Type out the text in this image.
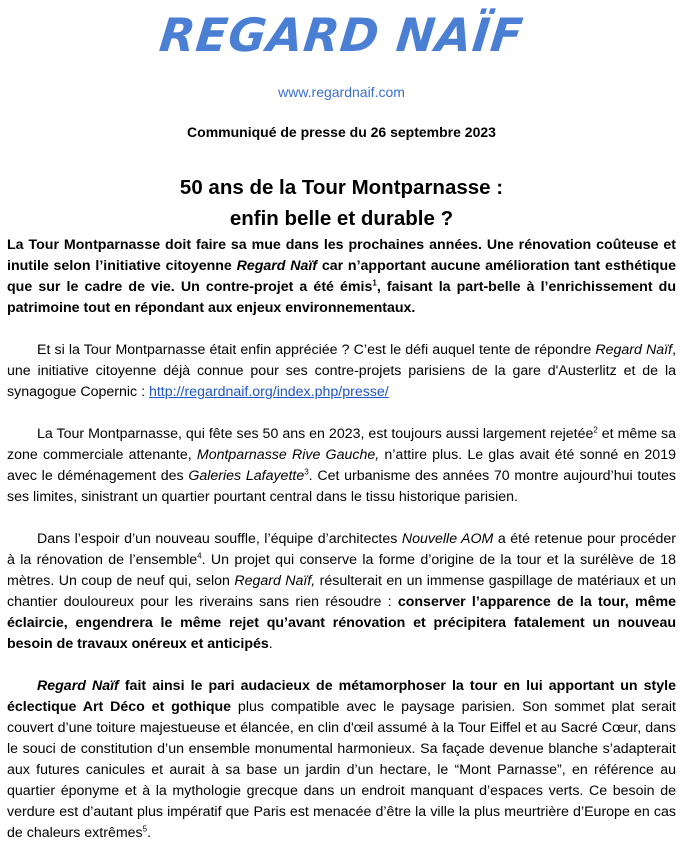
REGARD NAÏF
www.regardnaif.com
Communiqué de presse du 26 septembre 2023
50 ans de la Tour Montparnasse :
enfin belle et durable ?

La Tour Montparnasse doit faire sa mue dans les prochaines années. Une rénovation coûteuse et inutile selon l’initiative citoyenne Regard Naïf car n’apportant aucune amélioration tant esthétique que sur le cadre de vie. Un contre-projet a été émis$^1$, faisant la part-belle à l’enrichissement du patrimoine tout en répondant aux enjeux environnementaux.

Et si la Tour Montparnasse était enfin appréciée ? C’est le défi auquel tente de répondre Regard Naïf, une initiative citoyenne déjà connue pour ses contre-projets parisiens de la gare d'Austerlitz et de la synagogue Copernic : http://regardnaif.org/index.php/presse/

La Tour Montparnasse, qui fête ses 50 ans en 2023, est toujours aussi largement rejetée$^2$ et même sa zone commerciale attenante, Montparnasse Rive Gauche, n’attire plus. Le glas avait été sonné en 2019 avec le déménagement des Galeries Lafayette$^3$. Cet urbanisme des années 70 montre aujourd’hui toutes ses limites, sinistrant un quartier pourtant central dans le tissu historique parisien.

Dans l’espoir d’un nouveau souffle, l’équipe d’architectes Nouvelle AOM a été retenue pour procéder à la rénovation de l’ensemble$^4$. Un projet qui conserve la forme d’origine de la tour et la surélève de 18 mètres. Un coup de neuf qui, selon Regard Naïf, résulterait en un immense gaspillage de matériaux et un chantier douloureux pour les riverains sans rien résoudre : conserver l’apparence de la tour, même éclaircie, engendrera le même rejet qu’avant rénovation et précipitera fatalement un nouveau besoin de travaux onéreux et anticipés.

Regard Naïf fait ainsi le pari audacieux de métamorphoser la tour en lui apportant un style éclectique Art Déco et gothique plus compatible avec le paysage parisien. Son sommet plat serait couvert d’une toiture majestueuse et élancée, en clin d'œil assumé à la Tour Eiffel et au Sacré Cœur, dans le souci de constitution d’un ensemble monumental harmonieux. Sa façade devenue blanche s’adapterait aux futures canicules et aurait à sa base un jardin d’un hectare, le “Mont Parnasse”, en référence au quartier éponyme et à la mythologie grecque dans un endroit manquant d’espaces verts. Ce besoin de verdure est d’autant plus impératif que Paris est menacée d’être la ville la plus meurtrière d’Europe en cas de chaleurs extrêmes$^5$.
